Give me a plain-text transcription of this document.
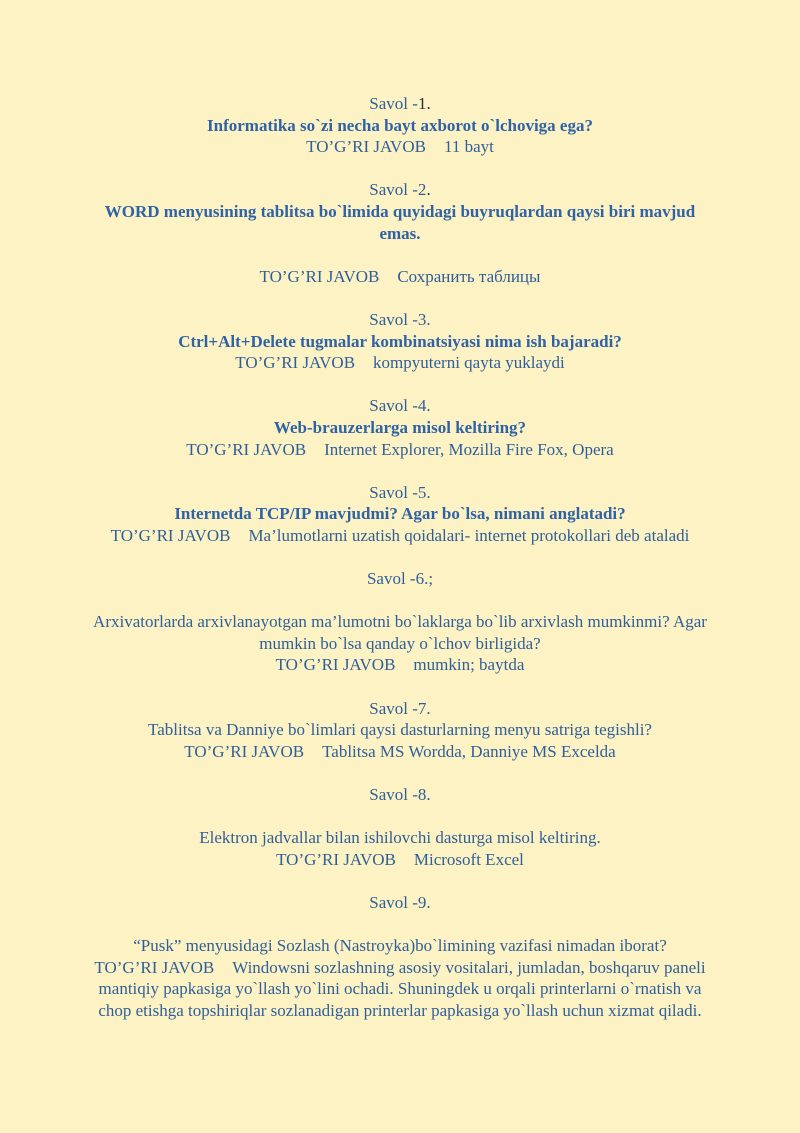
Savol -1.
Informatika so`zi necha bayt axborot o`lchoviga ega?
TO’G’RI JAVOB 11 bayt
Savol -2.
WORD menyusining tablitsa bo`limida quyidagi buyruqlardan qaysi biri mavjud emas.
TO’G’RI JAVOB Сохранить таблицы
Savol -3.
Ctrl+Alt+Delete tugmalar kombinatsiyasi nima ish bajaradi?
TO’G’RI JAVOB kompyuterni qayta yuklaydi
Savol -4.
Web-brauzerlarga misol keltiring?
TO’G’RI JAVOB Internet Explorer, Mozilla Fire Fox, Opera
Savol -5.
Internetda TCP/IP mavjudmi? Agar bo`lsa, nimani anglatadi?
TO’G’RI JAVOB Ma’lumotlarni uzatish qoidalari- internet protokollari deb ataladi
Savol -6.;
Arxivatorlarda arxivlanayotgan ma’lumotni bo`laklarga bo`lib arxivlash mumkinmi? Agar mumkin bo`lsa qanday o`lchov birligida?
TO’G’RI JAVOB mumkin; baytda
Savol -7.
Tablitsa va Danniye bo`limlari qaysi dasturlarning menyu satriga tegishli?
TO’G’RI JAVOB Tablitsa MS Wordda, Danniye MS Excelda
Savol -8.
Elektron jadvallar bilan ishilovchi dasturga misol keltiring.
TO’G’RI JAVOB Microsoft Excel
Savol -9.
“Pusk” menyusidagi Sozlash (Nastroyka)bo`limining vazifasi nimadan iborat?
TO’G’RI JAVOB Windowsni sozlashning asosiy vositalari, jumladan, boshqaruv paneli mantiqiy papkasiga yo`llash yo`lini ochadi. Shuningdek u orqali printerlarni o`rnatish va chop etishga topshiriqlar sozlanadigan printerlar papkasiga yo`llash uchun xizmat qiladi.
